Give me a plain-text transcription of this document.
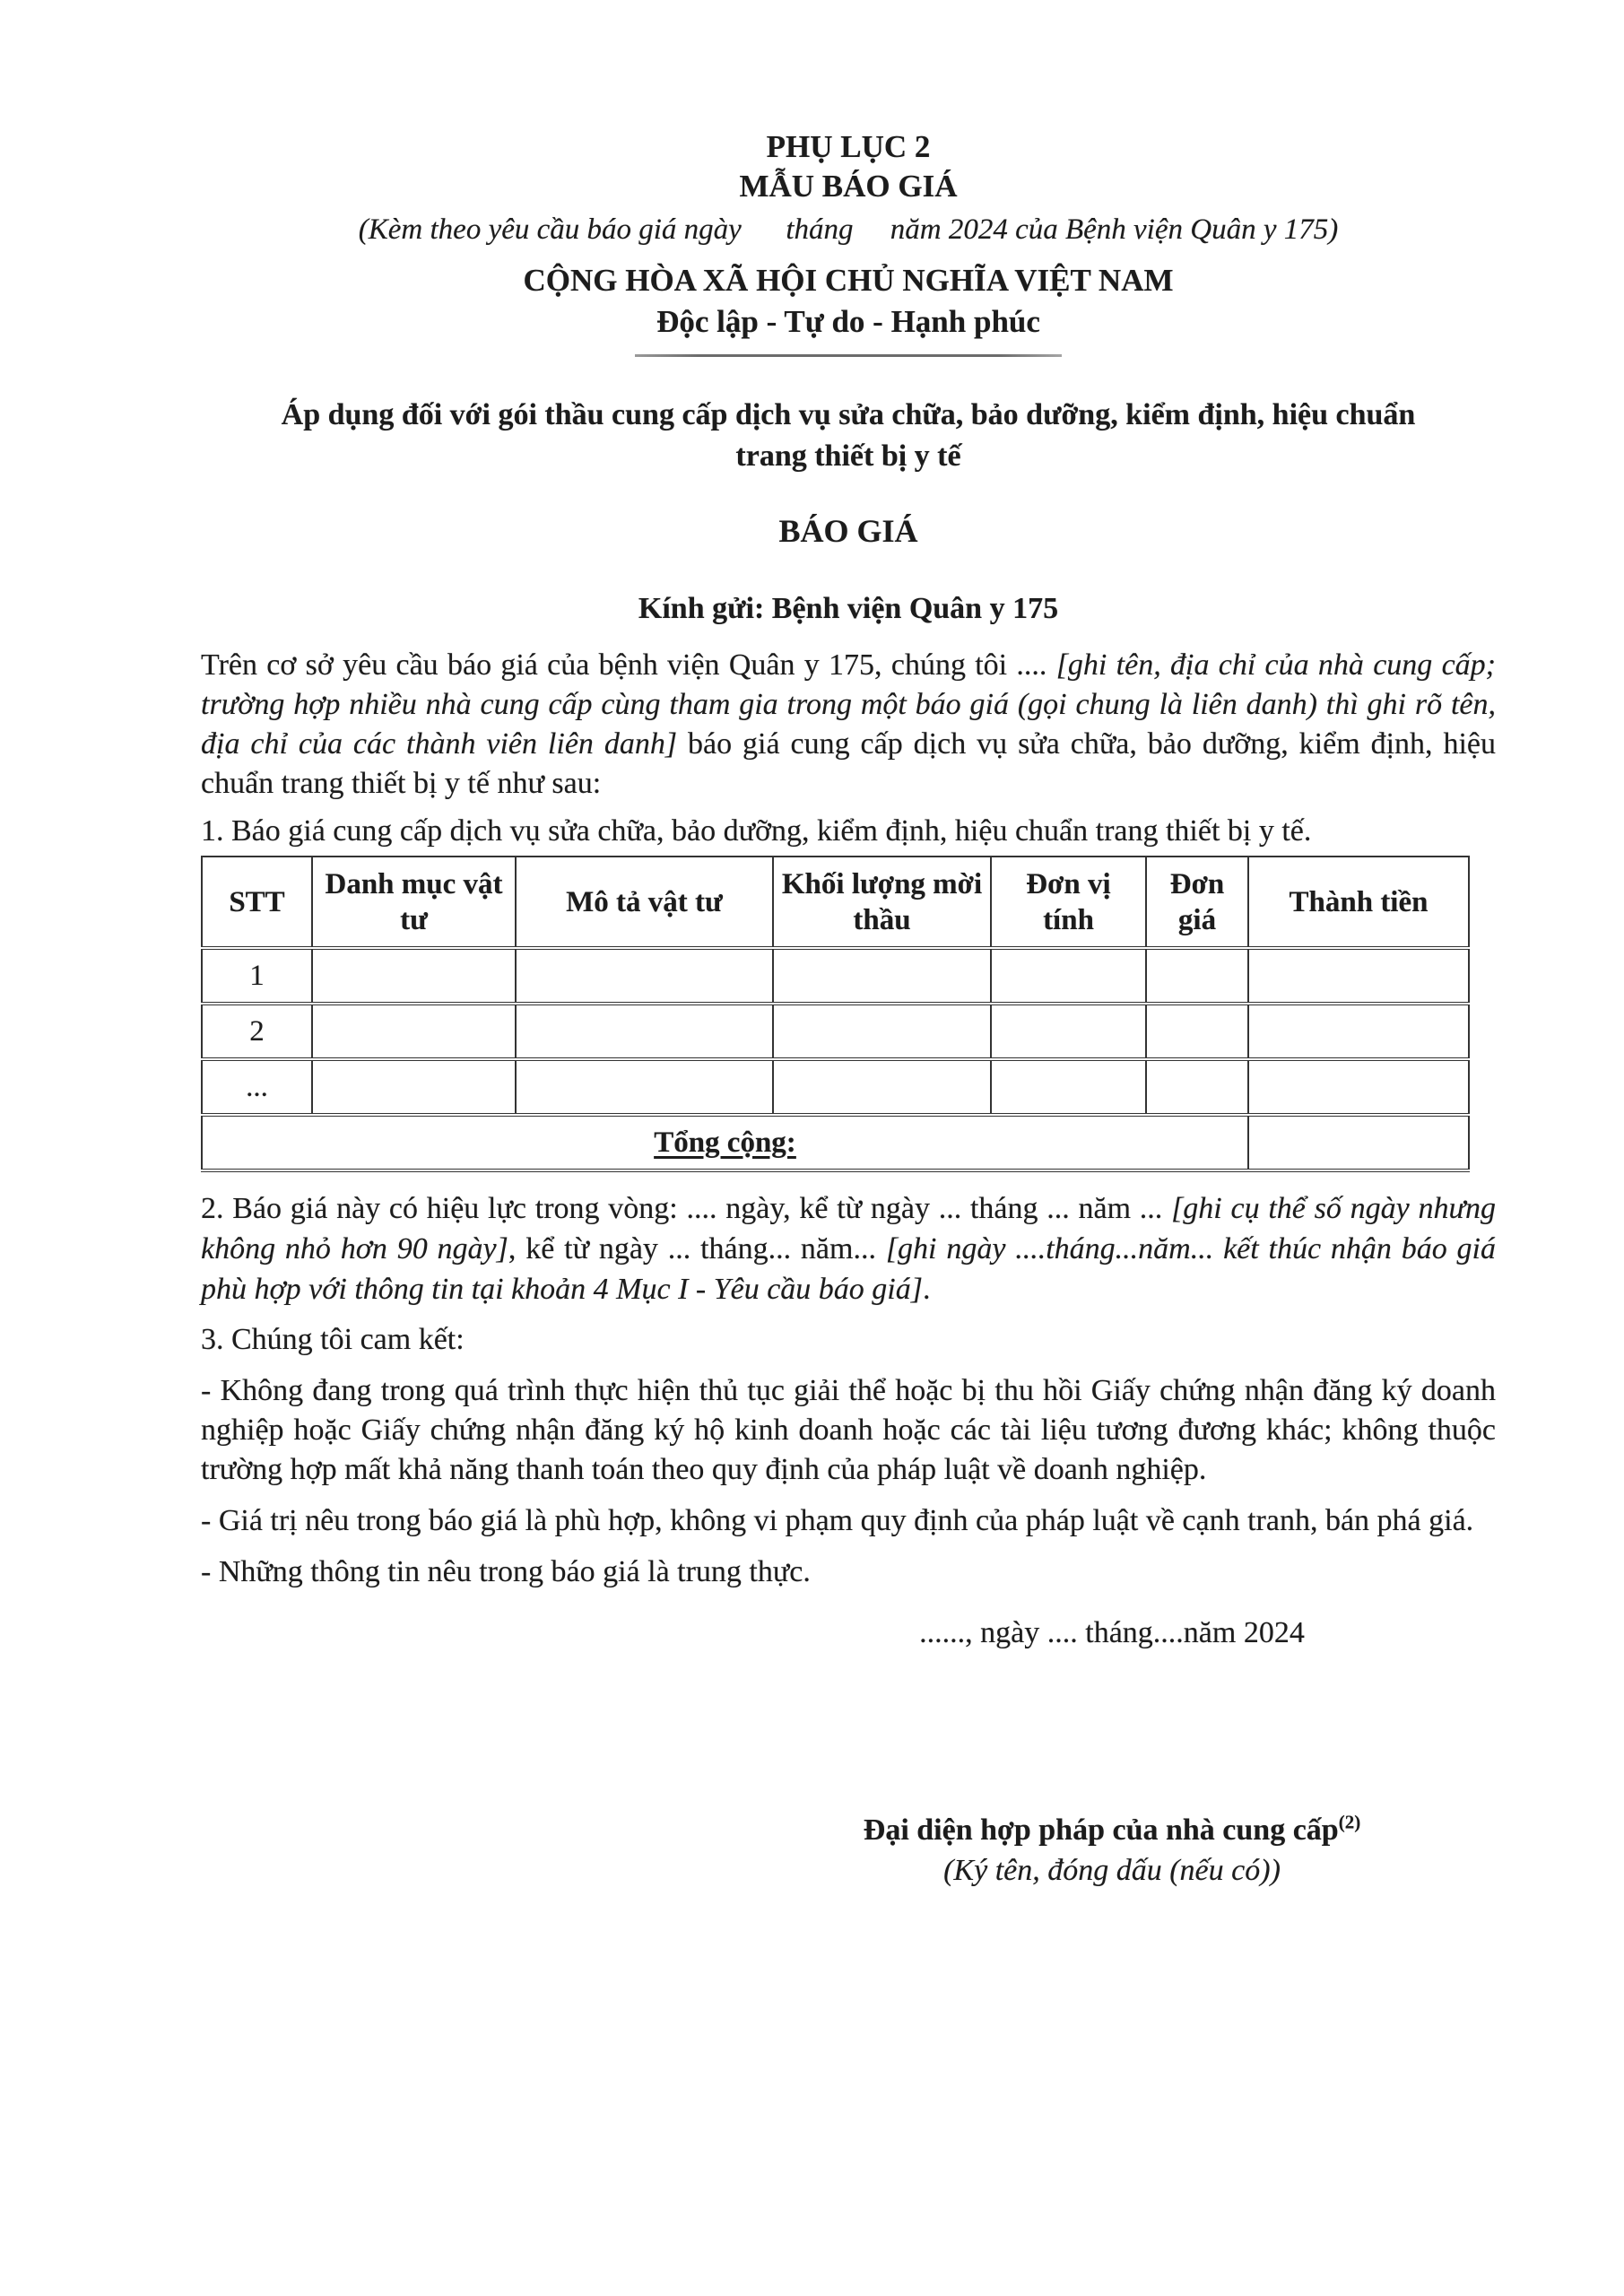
PHỤ LỤC 2
MẪU BÁO GIÁ
(Kèm theo yêu cầu báo giá ngày      tháng     năm 2024 của Bệnh viện Quân y 175)
CỘNG HÒA XÃ HỘI CHỦ NGHĨA VIỆT NAM
Độc lập - Tự do - Hạnh phúc
Áp dụng đối với gói thầu cung cấp dịch vụ sửa chữa, bảo dưỡng, kiểm định, hiệu chuẩn
trang thiết bị y tế
BÁO GIÁ
Kính gửi: Bệnh viện Quân y 175

Trên cơ sở yêu cầu báo giá của bệnh viện Quân y 175, chúng tôi .... [ghi tên, địa chỉ của nhà cung cấp; trường hợp nhiều nhà cung cấp cùng tham gia trong một báo giá (gọi chung là liên danh) thì ghi rõ tên, địa chỉ của các thành viên liên danh] báo giá cung cấp dịch vụ sửa chữa, bảo dưỡng, kiểm định, hiệu chuẩn trang thiết bị y tế như sau:

1. Báo giá cung cấp dịch vụ sửa chữa, bảo dưỡng, kiểm định, hiệu chuẩn trang thiết bị y tế.
STT	Danh mục vật tư	Mô tả vật tư	Khối lượng mời thầu	Đơn vị tính	Đơn giá	Thành tiền
1						
2						
...						
Tổng cộng:						

2. Báo giá này có hiệu lực trong vòng: .... ngày, kể từ ngày ... tháng ... năm ... [ghi cụ thể số ngày nhưng không nhỏ hơn 90 ngày], kể từ ngày ... tháng... năm... [ghi ngày ....tháng...năm... kết thúc nhận báo giá phù hợp với thông tin tại khoản 4 Mục I - Yêu cầu báo giá].

3. Chúng tôi cam kết:

- Không đang trong quá trình thực hiện thủ tục giải thể hoặc bị thu hồi Giấy chứng nhận đăng ký doanh nghiệp hoặc Giấy chứng nhận đăng ký hộ kinh doanh hoặc các tài liệu tương đương khác; không thuộc trường hợp mất khả năng thanh toán theo quy định của pháp luật về doanh nghiệp.

- Giá trị nêu trong báo giá là phù hợp, không vi phạm quy định của pháp luật về cạnh tranh, bán phá giá.

- Những thông tin nêu trong báo giá là trung thực.

......, ngày .... tháng....năm 2024
Đại diện hợp pháp của nhà cung cấp$^{(2)}$
(Ký tên, đóng dấu (nếu có))
